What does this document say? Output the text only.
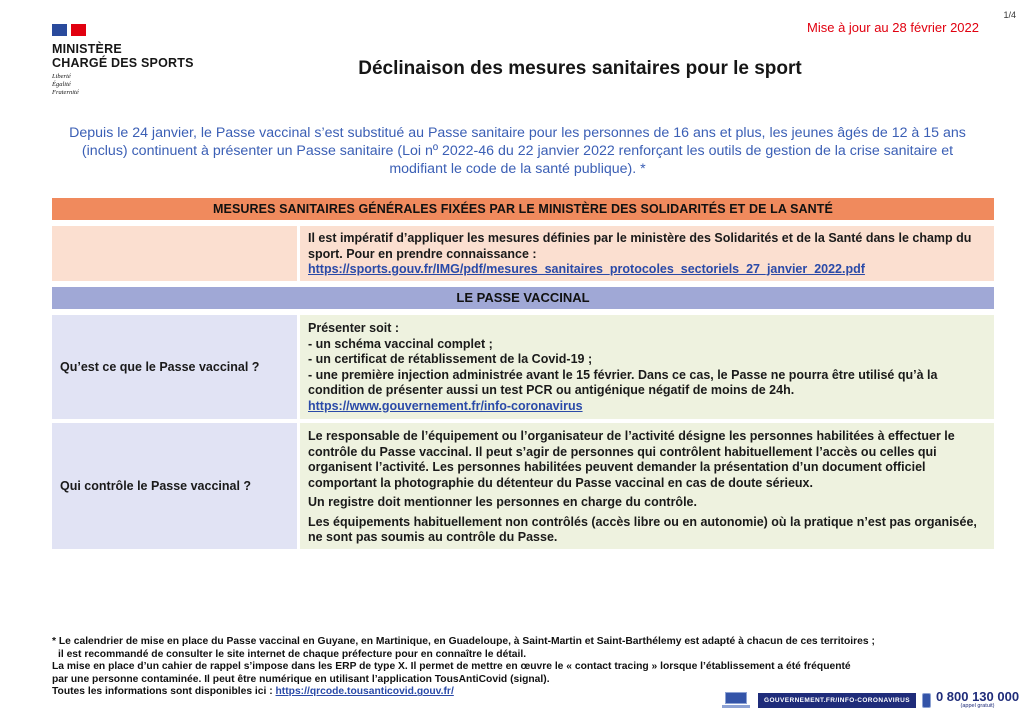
MINISTÈRE
CHARGÉ DES SPORTS
Liberté
Égalité
Fraternité
1/4
Mise à jour au 28 février 2022
Déclinaison des mesures sanitaires pour le sport
Depuis le 24 janvier, le Passe vaccinal s’est substitué au Passe sanitaire pour les personnes de 16 ans et plus, les jeunes âgés de 12 à 15 ans (inclus) continuent à présenter un Passe sanitaire (Loi nº 2022-46 du 22 janvier 2022 renforçant les outils de gestion de la crise sanitaire et modifiant le code de la santé publique). *
MESURES SANITAIRES GÉNÉRALES FIXÉES PAR LE MINISTÈRE DES SOLIDARITÉS ET DE LA SANTÉ
Il est impératif d’appliquer les mesures définies par le ministère des Solidarités et de la Santé dans le champ du sport. Pour en prendre connaissance :
https://sports.gouv.fr/IMG/pdf/mesures_sanitaires_protocoles_sectoriels_27_janvier_2022.pdf
LE PASSE VACCINAL
Qu’est ce que le Passe vaccinal ?
Présenter soit :
- un schéma vaccinal complet ;
- un certificat de rétablissement de la Covid-19 ;
- une première injection administrée avant le 15 février. Dans ce cas, le Passe ne pourra être utilisé qu’à la condition de présenter aussi un test PCR ou antigénique négatif de moins de 24h.
https://www.gouvernement.fr/info-coronavirus
Qui contrôle le Passe vaccinal ?
Le responsable de l’équipement ou l’organisateur de l’activité désigne les personnes habilitées à effectuer le contrôle du Passe vaccinal. Il peut s’agir de personnes qui contrôlent habituellement l’accès ou celles qui organisent l’activité. Les personnes habilitées peuvent demander la présentation d’un document officiel comportant la photographie du détenteur du Passe vaccinal en cas de doute sérieux.
Un registre doit mentionner les personnes en charge du contrôle.
Les équipements habituellement non contrôlés (accès libre ou en autonomie) où la pratique n’est pas organisée, ne sont pas soumis au contrôle du Passe.
* Le calendrier de mise en place du Passe vaccinal en Guyane, en Martinique, en Guadeloupe, à Saint-Martin et Saint-Barthélemy est adapté à chacun de ces territoires ;
il est recommandé de consulter le site internet de chaque préfecture pour en connaître le détail.
La mise en place d’un cahier de rappel s’impose dans les ERP de type X. Il permet de mettre en œuvre le « contact tracing » lorsque l’établissement a été fréquenté
par une personne contaminée. Il peut être numérique en utilisant l’application TousAntiCovid (signal).
Toutes les informations sont disponibles ici : https://qrcode.tousanticovid.gouv.fr/
GOUVERNEMENT.FR/INFO-CORONAVIRUS	0 800 130 000
(appel gratuit)
